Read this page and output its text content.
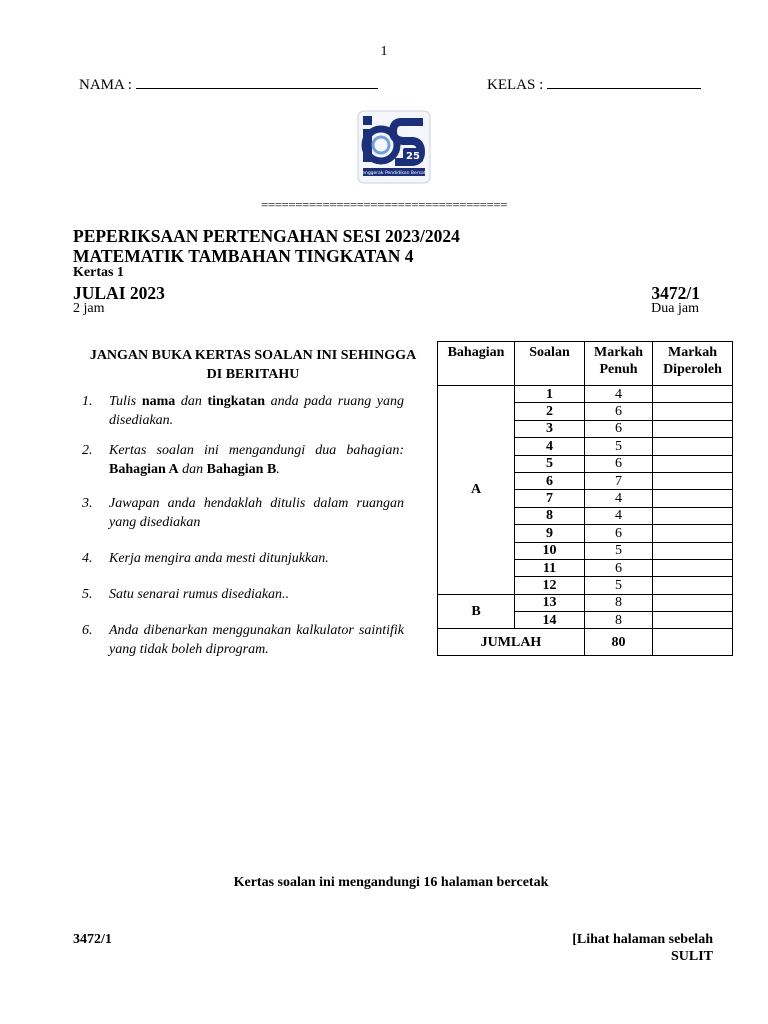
1
NAMA :	KELAS :
25
Penggerak Pendidikan Bersatu
====================================
PEPERIKSAAN PERTENGAHAN SESI 2023/2024
MATEMATIK TAMBAHAN TINGKATAN 4
Kertas 1
JULAI 2023	3472/1
2 jam	Dua jam
JANGAN BUKA KERTAS SOALAN INI SEHINGGA DI BERITAHU
1. Tulis nama dan tingkatan anda pada ruang yang disediakan.
2. Kertas soalan ini mengandungi dua bahagian: Bahagian A dan Bahagian B.
3. Jawapan anda hendaklah ditulis dalam ruangan yang disediakan
4. Kerja mengira anda mesti ditunjukkan.
5. Satu senarai rumus disediakan..
6. Anda dibenarkan menggunakan kalkulator saintifik yang tidak boleh diprogram.
Bahagian	Soalan	Markah Penuh	Markah Diperoleh
A	1	4	
	2	6	
	3	6	
	4	5	
	5	6	
	6	7	
	7	4	
	8	4	
	9	6	
	10	5	
	11	6	
	12	5	
B	13	8	
	14	8	
JUMLAH		80	
Kertas soalan ini mengandungi 16 halaman bercetak
3472/1	[Lihat halaman sebelah
SULIT
